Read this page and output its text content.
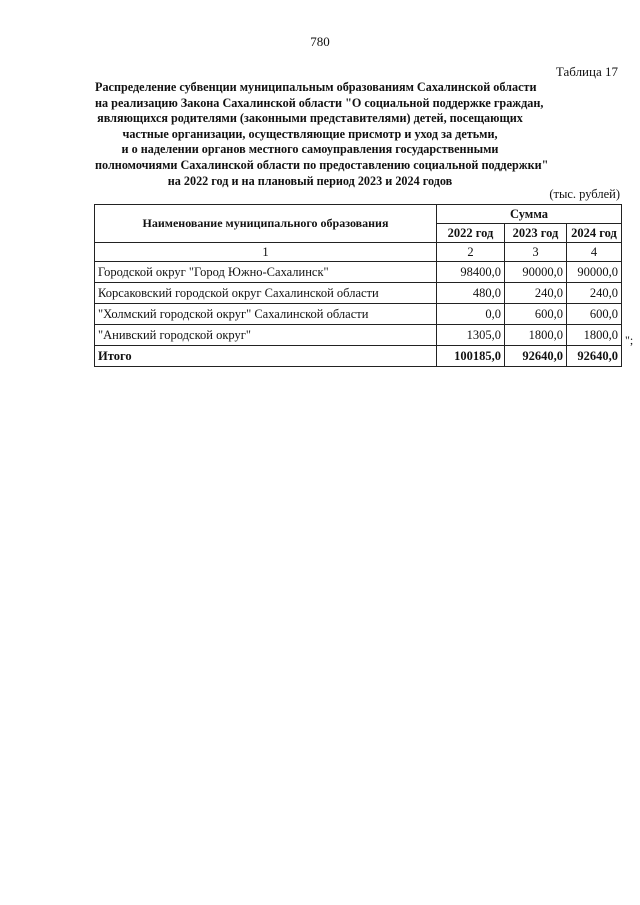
780
Таблица 17
Распределение субвенции муниципальным образованиям Сахалинской области
на реализацию Закона Сахалинской области "О социальной поддержке граждан,
являющихся родителями (законными представителями) детей, посещающих
частные организации, осуществляющие присмотр и уход за детьми,
и о наделении органов местного самоуправления государственными
полномочиями Сахалинской области по предоставлению социальной поддержки"
на 2022 год и на плановый период 2023 и 2024 годов
(тыс. рублей)
Наименование муниципального образования	Сумма		
	2022 год	2023 год	2024 год
1	2	3	4
Городской округ "Город Южно-Сахалинск"	98400,0	90000,0	90000,0
Корсаковский городской округ Сахалинской области	480,0	240,0	240,0
"Холмский городской округ" Сахалинской области	0,0	600,0	600,0
"Анивский городской округ"	1305,0	1800,0	1800,0
Итого	100185,0	92640,0	92640,0
";
